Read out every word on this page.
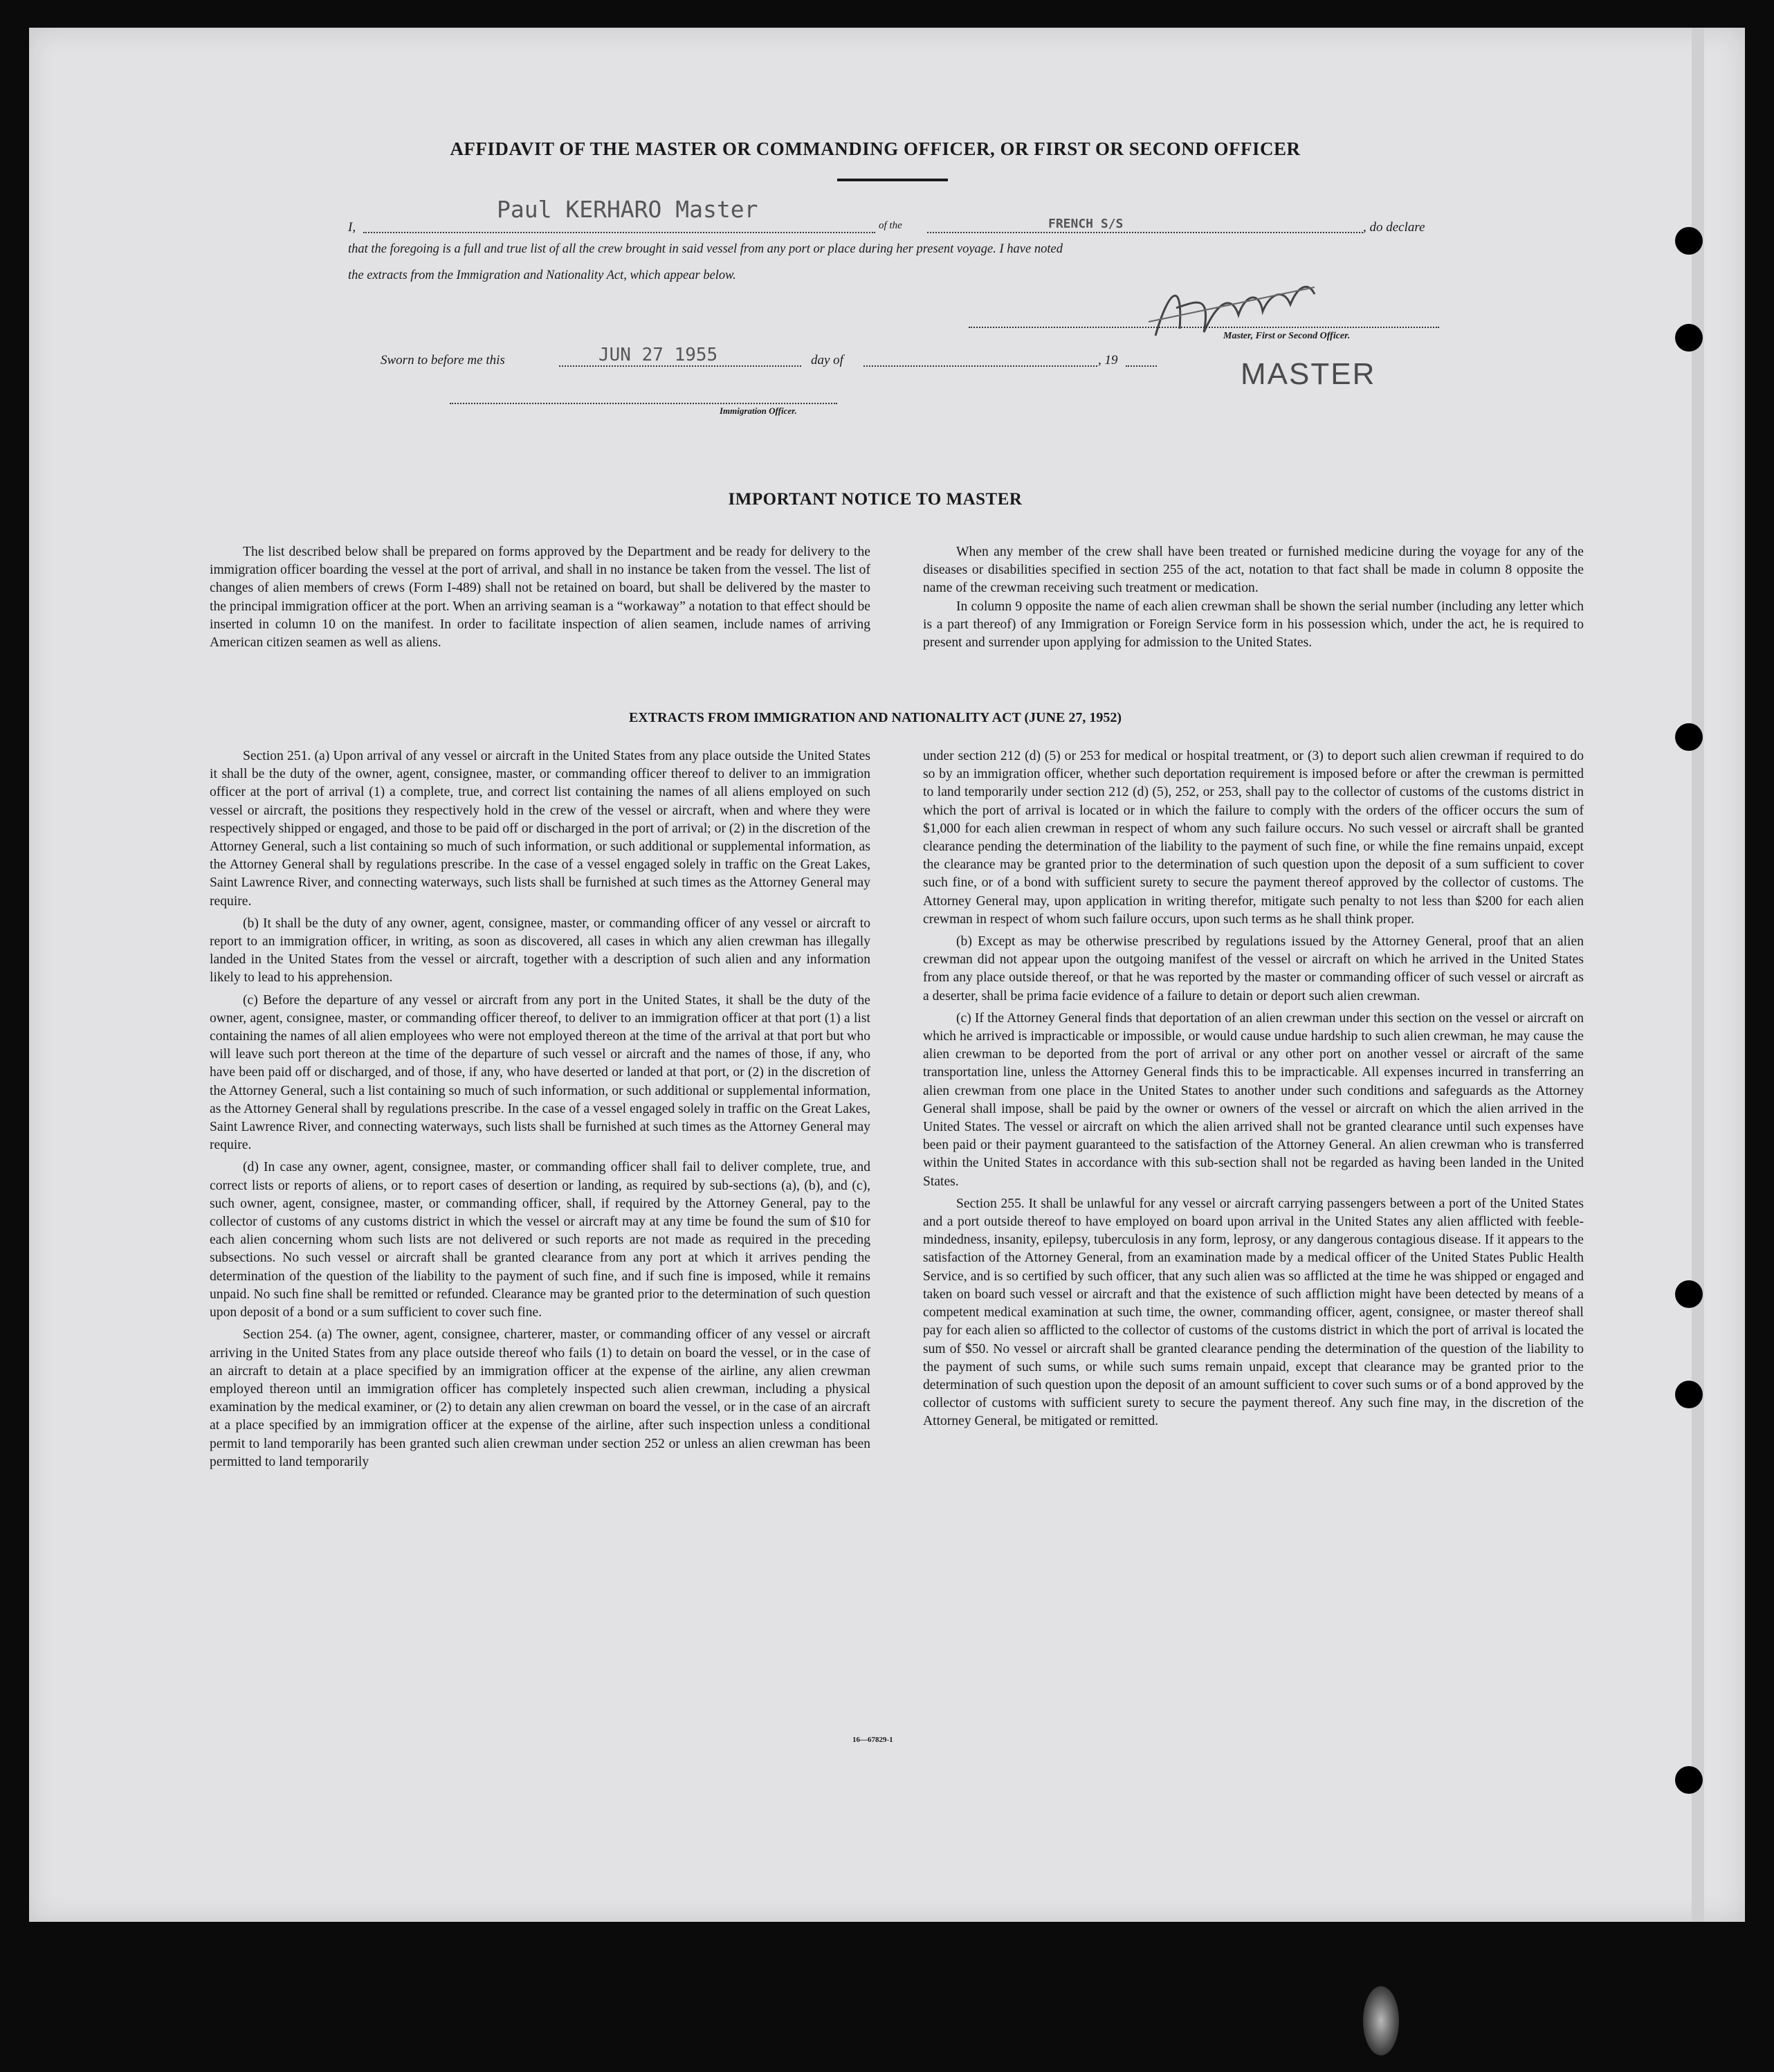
AFFIDAVIT OF THE MASTER OR COMMANDING OFFICER, OR FIRST OR SECOND OFFICER
I,
Paul KERHARO Master
of the	FRENCH S/S	, do declare
that the foregoing is a full and true list of all the crew brought in said vessel from any port or place during her present voyage. I have noted
the extracts from the Immigration and Nationality Act, which appear below.
Master, First or Second Officer.
MASTER
Sworn to before me this	JUN 27 1955	day of	, 19
Immigration Officer.
IMPORTANT NOTICE TO MASTER

The list described below shall be prepared on forms approved by the Department and be ready for delivery to the immigration officer boarding the vessel at the port of arrival, and shall in no instance be taken from the vessel. The list of changes of alien members of crews (Form I-489) shall not be retained on board, but shall be delivered by the master to the principal immigration officer at the port. When an arriving seaman is a “workaway” a notation to that effect should be inserted in column 10 on the manifest. In order to facilitate inspection of alien seamen, include names of arriving American citizen seamen as well as aliens.

When any member of the crew shall have been treated or furnished medicine during the voyage for any of the diseases or disabilities specified in section 255 of the act, notation to that fact shall be made in column 8 opposite the name of the crewman receiving such treatment or medication.

In column 9 opposite the name of each alien crewman shall be shown the serial number (including any letter which is a part thereof) of any Immigration or Foreign Service form in his possession which, under the act, he is required to present and surrender upon applying for admission to the United States.

EXTRACTS FROM IMMIGRATION AND NATIONALITY ACT (JUNE 27, 1952)

Section 251. (a) Upon arrival of any vessel or aircraft in the United States from any place outside the United States it shall be the duty of the owner, agent, consignee, master, or commanding officer thereof to deliver to an immigration officer at the port of arrival (1) a complete, true, and correct list containing the names of all aliens employed on such vessel or aircraft, the positions they respectively hold in the crew of the vessel or aircraft, when and where they were respectively shipped or engaged, and those to be paid off or discharged in the port of arrival; or (2) in the discretion of the Attorney General, such a list containing so much of such information, or such additional or supplemental information, as the Attorney General shall by regulations prescribe. In the case of a vessel engaged solely in traffic on the Great Lakes, Saint Lawrence River, and connecting waterways, such lists shall be furnished at such times as the Attorney General may require.

(b) It shall be the duty of any owner, agent, consignee, master, or commanding officer of any vessel or aircraft to report to an immigration officer, in writing, as soon as discovered, all cases in which any alien crewman has illegally landed in the United States from the vessel or aircraft, together with a description of such alien and any information likely to lead to his apprehension.

(c) Before the departure of any vessel or aircraft from any port in the United States, it shall be the duty of the owner, agent, consignee, master, or commanding officer thereof, to deliver to an immigration officer at that port (1) a list containing the names of all alien employees who were not employed thereon at the time of the arrival at that port but who will leave such port thereon at the time of the departure of such vessel or aircraft and the names of those, if any, who have been paid off or discharged, and of those, if any, who have deserted or landed at that port, or (2) in the discretion of the Attorney General, such a list containing so much of such information, or such additional or supplemental information, as the Attorney General shall by regulations prescribe. In the case of a vessel engaged solely in traffic on the Great Lakes, Saint Lawrence River, and connecting waterways, such lists shall be furnished at such times as the Attorney General may require.

(d) In case any owner, agent, consignee, master, or commanding officer shall fail to deliver complete, true, and correct lists or reports of aliens, or to report cases of desertion or landing, as required by sub-sections (a), (b), and (c), such owner, agent, consignee, master, or commanding officer, shall, if required by the Attorney General, pay to the collector of customs of any customs district in which the vessel or aircraft may at any time be found the sum of $10 for each alien concerning whom such lists are not delivered or such reports are not made as required in the preceding subsections. No such vessel or aircraft shall be granted clearance from any port at which it arrives pending the determination of the question of the liability to the payment of such fine, and if such fine is imposed, while it remains unpaid. No such fine shall be remitted or refunded. Clearance may be granted prior to the determination of such question upon deposit of a bond or a sum sufficient to cover such fine.

Section 254. (a) The owner, agent, consignee, charterer, master, or commanding officer of any vessel or aircraft arriving in the United States from any place outside thereof who fails (1) to detain on board the vessel, or in the case of an aircraft to detain at a place specified by an immigration officer at the expense of the airline, any alien crewman employed thereon until an immigration officer has completely inspected such alien crewman, including a physical examination by the medical examiner, or (2) to detain any alien crewman on board the vessel, or in the case of an aircraft at a place specified by an immigration officer at the expense of the airline, after such inspection unless a conditional permit to land temporarily has been granted such alien crewman under section 252 or unless an alien crewman has been permitted to land temporarily

under section 212 (d) (5) or 253 for medical or hospital treatment, or (3) to deport such alien crewman if required to do so by an immigration officer, whether such deportation requirement is imposed before or after the crewman is permitted to land temporarily under section 212 (d) (5), 252, or 253, shall pay to the collector of customs of the customs district in which the port of arrival is located or in which the failure to comply with the orders of the officer occurs the sum of $1,000 for each alien crewman in respect of whom any such failure occurs. No such vessel or aircraft shall be granted clearance pending the determination of the liability to the payment of such fine, or while the fine remains unpaid, except the clearance may be granted prior to the determination of such question upon the deposit of a sum sufficient to cover such fine, or of a bond with sufficient surety to secure the payment thereof approved by the collector of customs. The Attorney General may, upon application in writing therefor, mitigate such penalty to not less than $200 for each alien crewman in respect of whom such failure occurs, upon such terms as he shall think proper.

(b) Except as may be otherwise prescribed by regulations issued by the Attorney General, proof that an alien crewman did not appear upon the outgoing manifest of the vessel or aircraft on which he arrived in the United States from any place outside thereof, or that he was reported by the master or commanding officer of such vessel or aircraft as a deserter, shall be prima facie evidence of a failure to detain or deport such alien crewman.

(c) If the Attorney General finds that deportation of an alien crewman under this section on the vessel or aircraft on which he arrived is impracticable or impossible, or would cause undue hardship to such alien crewman, he may cause the alien crewman to be deported from the port of arrival or any other port on another vessel or aircraft of the same transportation line, unless the Attorney General finds this to be impracticable. All expenses incurred in transferring an alien crewman from one place in the United States to another under such conditions and safeguards as the Attorney General shall impose, shall be paid by the owner or owners of the vessel or aircraft on which the alien arrived in the United States. The vessel or aircraft on which the alien arrived shall not be granted clearance until such expenses have been paid or their payment guaranteed to the satisfaction of the Attorney General. An alien crewman who is transferred within the United States in accordance with this sub-section shall not be regarded as having been landed in the United States.

Section 255. It shall be unlawful for any vessel or aircraft carrying passengers between a port of the United States and a port outside thereof to have employed on board upon arrival in the United States any alien afflicted with feeble-mindedness, insanity, epilepsy, tuberculosis in any form, leprosy, or any dangerous contagious disease. If it appears to the satisfaction of the Attorney General, from an examination made by a medical officer of the United States Public Health Service, and is so certified by such officer, that any such alien was so afflicted at the time he was shipped or engaged and taken on board such vessel or aircraft and that the existence of such affliction might have been detected by means of a competent medical examination at such time, the owner, commanding officer, agent, consignee, or master thereof shall pay for each alien so afflicted to the collector of customs of the customs district in which the port of arrival is located the sum of $50. No vessel or aircraft shall be granted clearance pending the determination of the question of the liability to the payment of such sums, or while such sums remain unpaid, except that clearance may be granted prior to the determination of such question upon the deposit of an amount sufficient to cover such sums or of a bond approved by the collector of customs with sufficient surety to secure the payment thereof. Any such fine may, in the discretion of the Attorney General, be mitigated or remitted.

16—67829-1
